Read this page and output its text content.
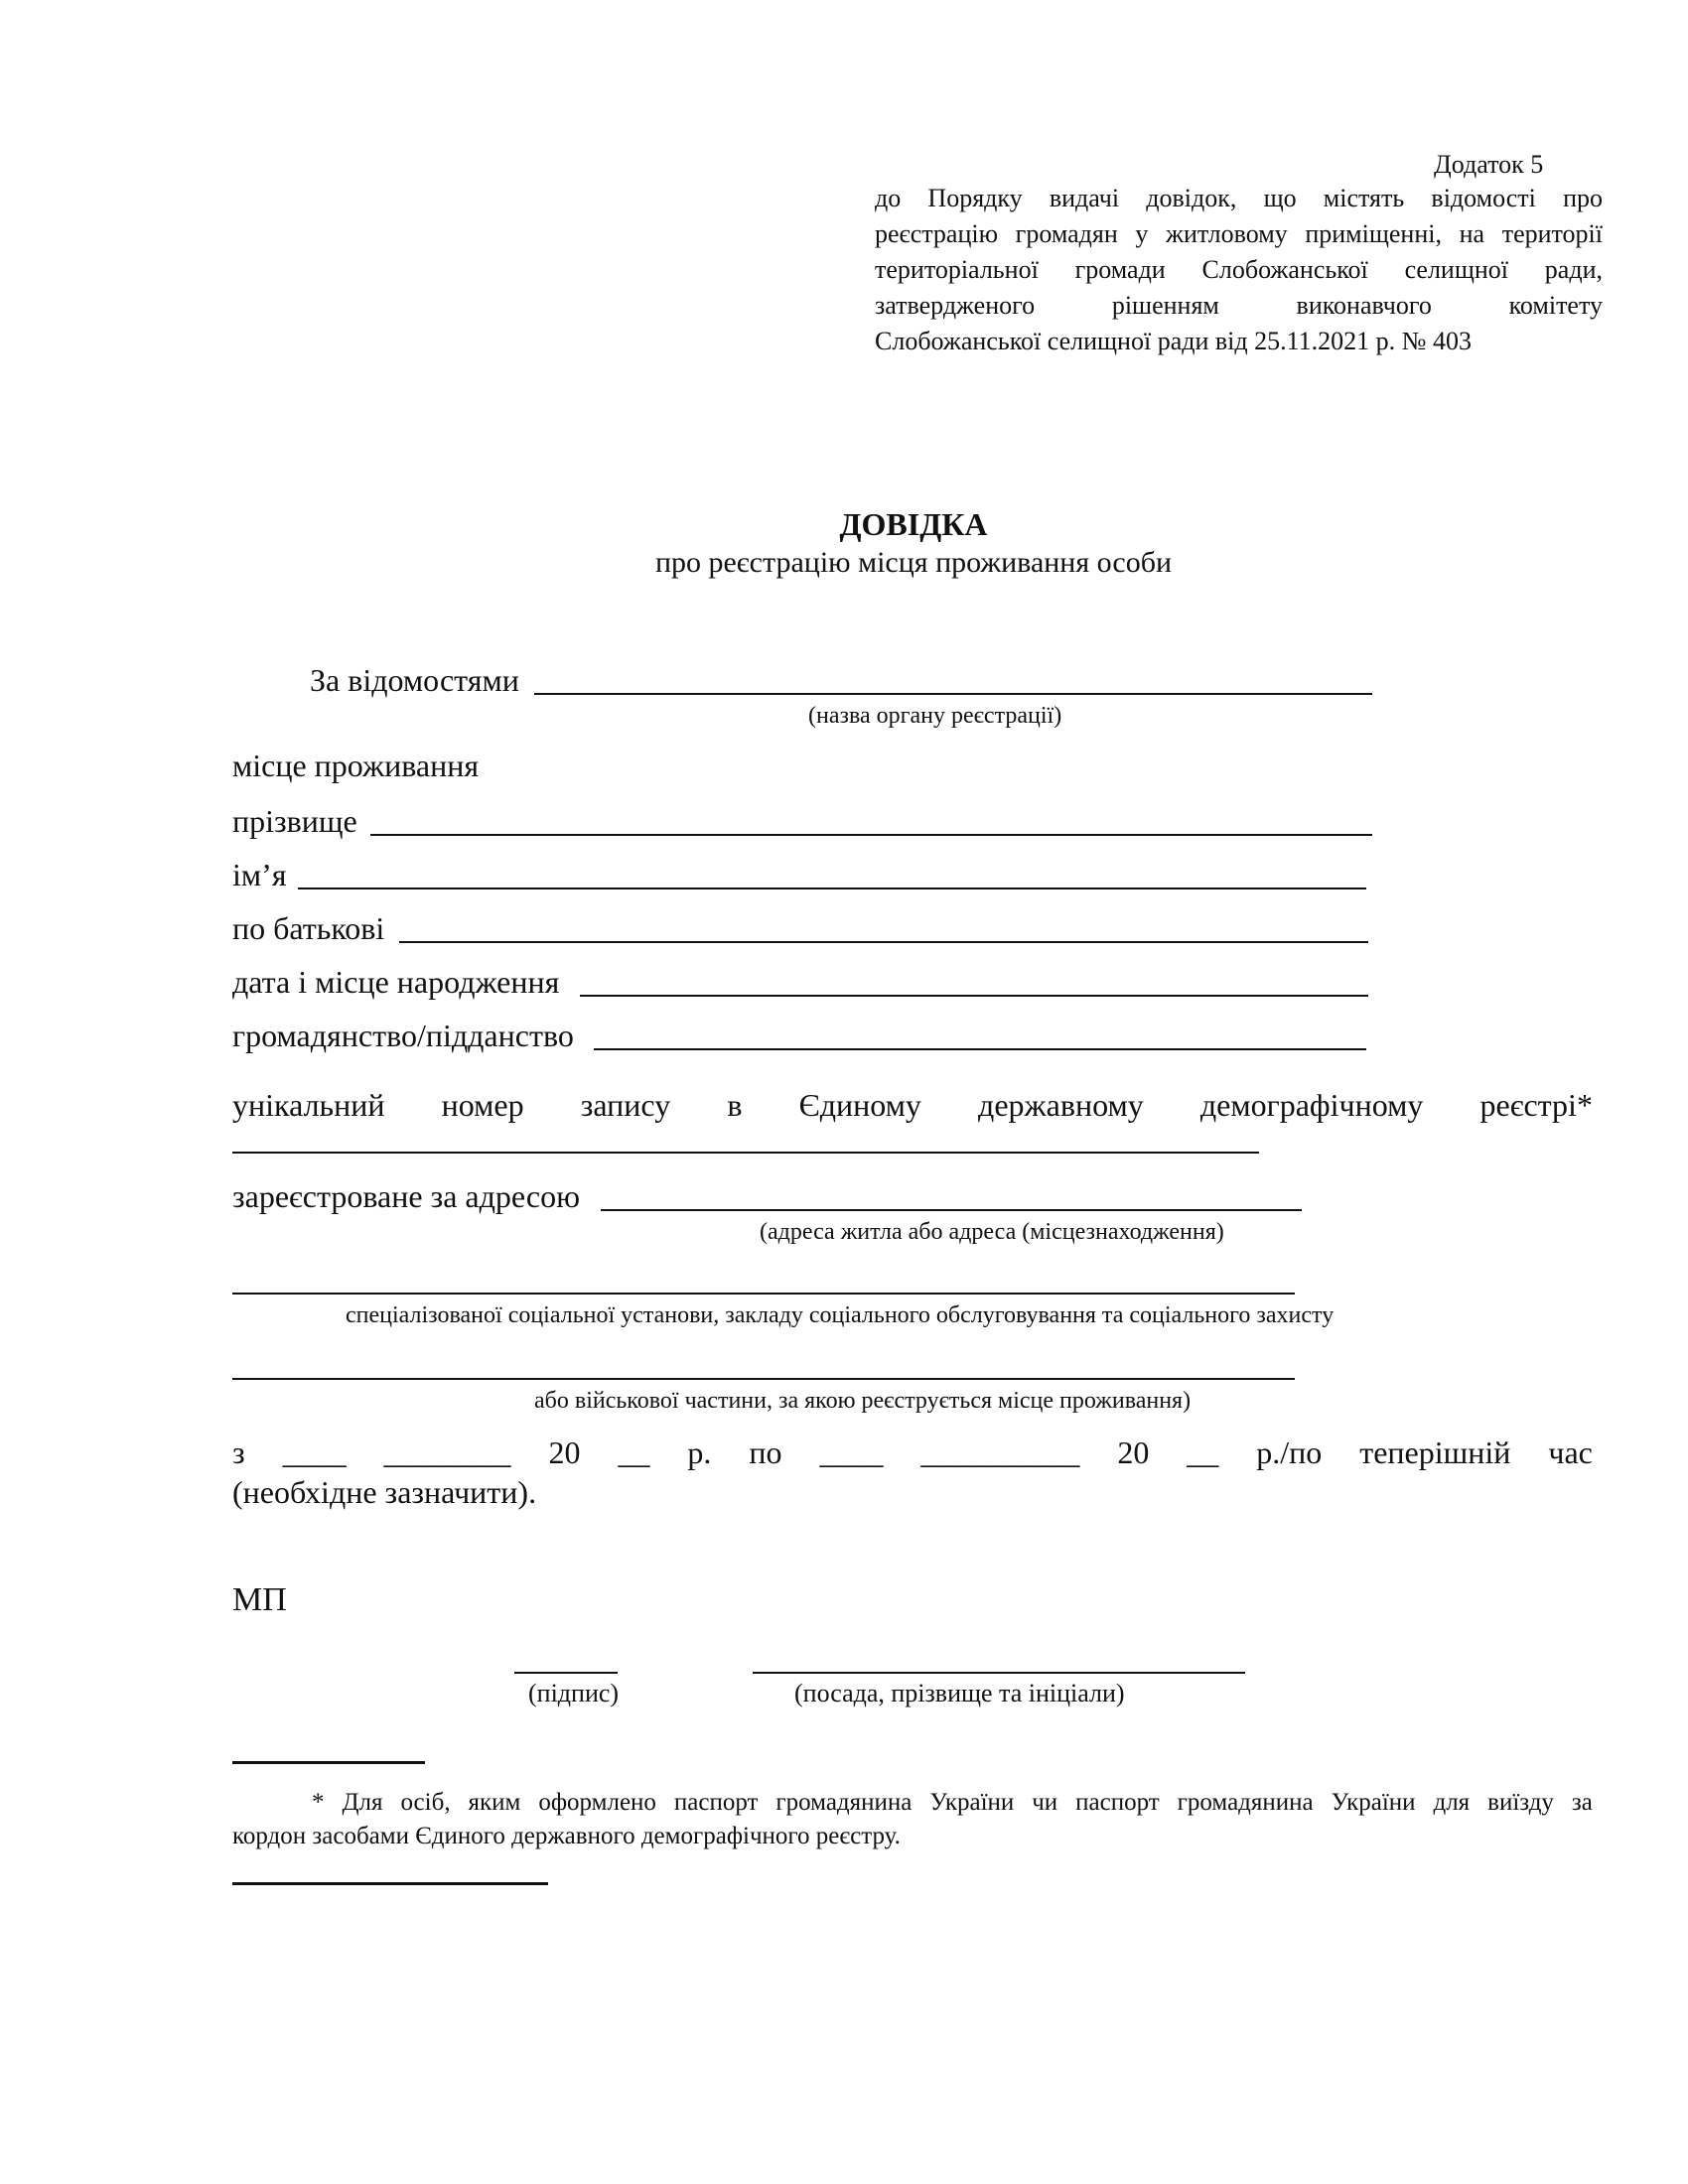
Додаток 5
до Порядку видачі довідок, що містять відомості про
реєстрацію громадян у житловому приміщенні, на території
територіальної громади Слобожанської селищної ради,
затвердженого рішенням виконавчого комітету
Слобожанської селищної ради від 25.11.2021 р. № 403
ДОВІДКА
про реєстрацію місця проживання особи
За відомостями
(назва органу реєстрації)
місце проживання
прізвище
ім’я
по батькові
дата і місце народження
громадянство/підданство
унікальний номер запису в Єдиному державному демографічному реєстрі*
зареєстроване за адресою
(адреса житла або адреса (місцезнаходження)
спеціалізованої соціальної установи, закладу соціального обслуговування та соціального захисту
або військової частини, за якою реєструється місце проживання)
з ____ ________ 20 __ р. по ____ __________ 20 __ р./по теперішній час
(необхідне зазначити).
МП
(підпис)	(посада, прізвище та ініціали)
* Для осіб, яким оформлено паспорт громадянина України чи паспорт громадянина України для виїзду за
кордон засобами Єдиного державного демографічного реєстру.
